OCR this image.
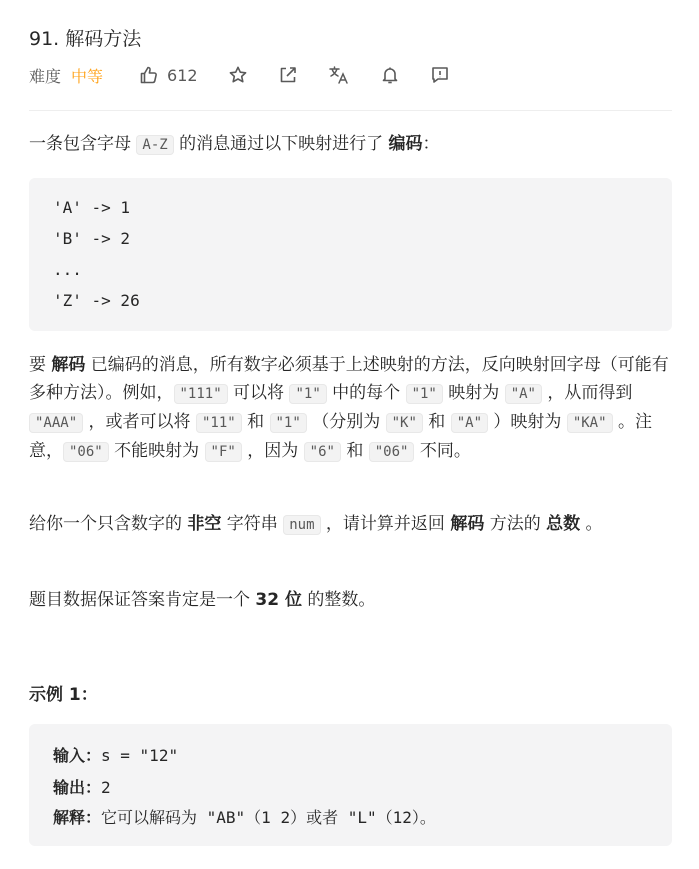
91. 解码方法
难度 中等	612
一条包含字母 A-Z 的消息通过以下映射进行了 编码：
'A' -> 1
'B' -> 2
...
'Z' -> 26
要 解码 已编码的消息，所有数字必须基于上述映射的方法，反向映射回字母（可能有多种方法）。例如， "111" 可以将 "1" 中的每个 "1" 映射为 "A" ，从而得到 "AAA" ，或者可以将 "11" 和 "1" （分别为 "K" 和 "A" ）映射为 "KA" 。注意， "06" 不能映射为 "F" ，因为 "6" 和 "06" 不同。
给你一个只含数字的 非空 字符串 num ，请计算并返回 解码 方法的 总数 。
题目数据保证答案肯定是一个 32 位 的整数。
示例 1：
输入：s = "12"
输出：2
解释：它可以解码为 "AB"（1 2）或者 "L"（12）。
